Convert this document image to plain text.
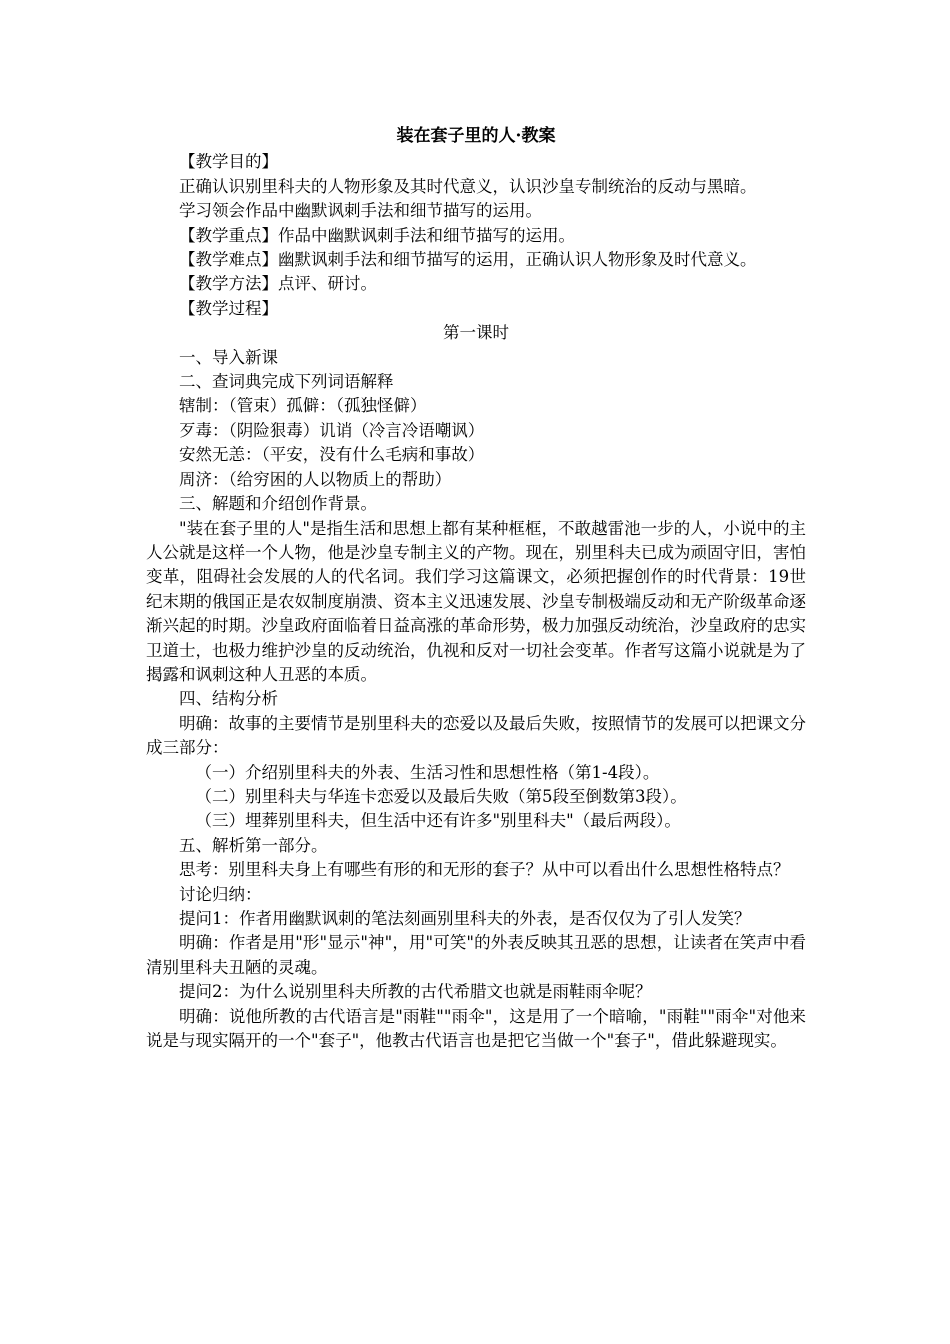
装在套子里的人·教案

【教学目的】

正确认识别里科夫的人物形象及其时代意义，认识沙皇专制统治的反动与黑暗。

学习领会作品中幽默讽刺手法和细节描写的运用。

【教学重点】作品中幽默讽刺手法和细节描写的运用。

【教学难点】幽默讽刺手法和细节描写的运用，正确认识人物形象及时代意义。

【教学方法】点评、研讨。

【教学过程】

第一课时

一、导入新课

二、查词典完成下列词语解释

辖制：（管束）孤僻：（孤独怪僻）

歹毒：（阴险狠毒）讥诮（冷言冷语嘲讽）

安然无恙：（平安，没有什么毛病和事故）

周济：（给穷困的人以物质上的帮助）

三、解题和介绍创作背景。

"装在套子里的人"是指生活和思想上都有某种框框，不敢越雷池一步的人，小说中的主人公就是这样一个人物，他是沙皇专制主义的产物。现在，别里科夫已成为顽固守旧，害怕变革，阻碍社会发展的人的代名词。我们学习这篇课文，必须把握创作的时代背景：19世纪末期的俄国正是农奴制度崩溃、资本主义迅速发展、沙皇专制极端反动和无产阶级革命逐渐兴起的时期。沙皇政府面临着日益高涨的革命形势，极力加强反动统治，沙皇政府的忠实卫道士，也极力维护沙皇的反动统治，仇视和反对一切社会变革。作者写这篇小说就是为了揭露和讽刺这种人丑恶的本质。

四、结构分析

明确：故事的主要情节是别里科夫的恋爱以及最后失败，按照情节的发展可以把课文分成三部分：

（一）介绍别里科夫的外表、生活习性和思想性格（第1-4段）。

（二）别里科夫与华连卡恋爱以及最后失败（第5段至倒数第3段）。

（三）埋葬别里科夫，但生活中还有许多"别里科夫"（最后两段）。

五、解析第一部分。

思考：别里科夫身上有哪些有形的和无形的套子？从中可以看出什么思想性格特点？

讨论归纳：

提问1：作者用幽默讽刺的笔法刻画别里科夫的外表，是否仅仅为了引人发笑？

明确：作者是用"形"显示"神"，用"可笑"的外表反映其丑恶的思想，让读者在笑声中看清别里科夫丑陋的灵魂。

提问2：为什么说别里科夫所教的古代希腊文也就是雨鞋雨伞呢？

明确：说他所教的古代语言是"雨鞋""雨伞"，这是用了一个暗喻，"雨鞋""雨伞"对他来说是与现实隔开的一个"套子"，他教古代语言也是把它当做一个"套子"，借此躲避现实。
